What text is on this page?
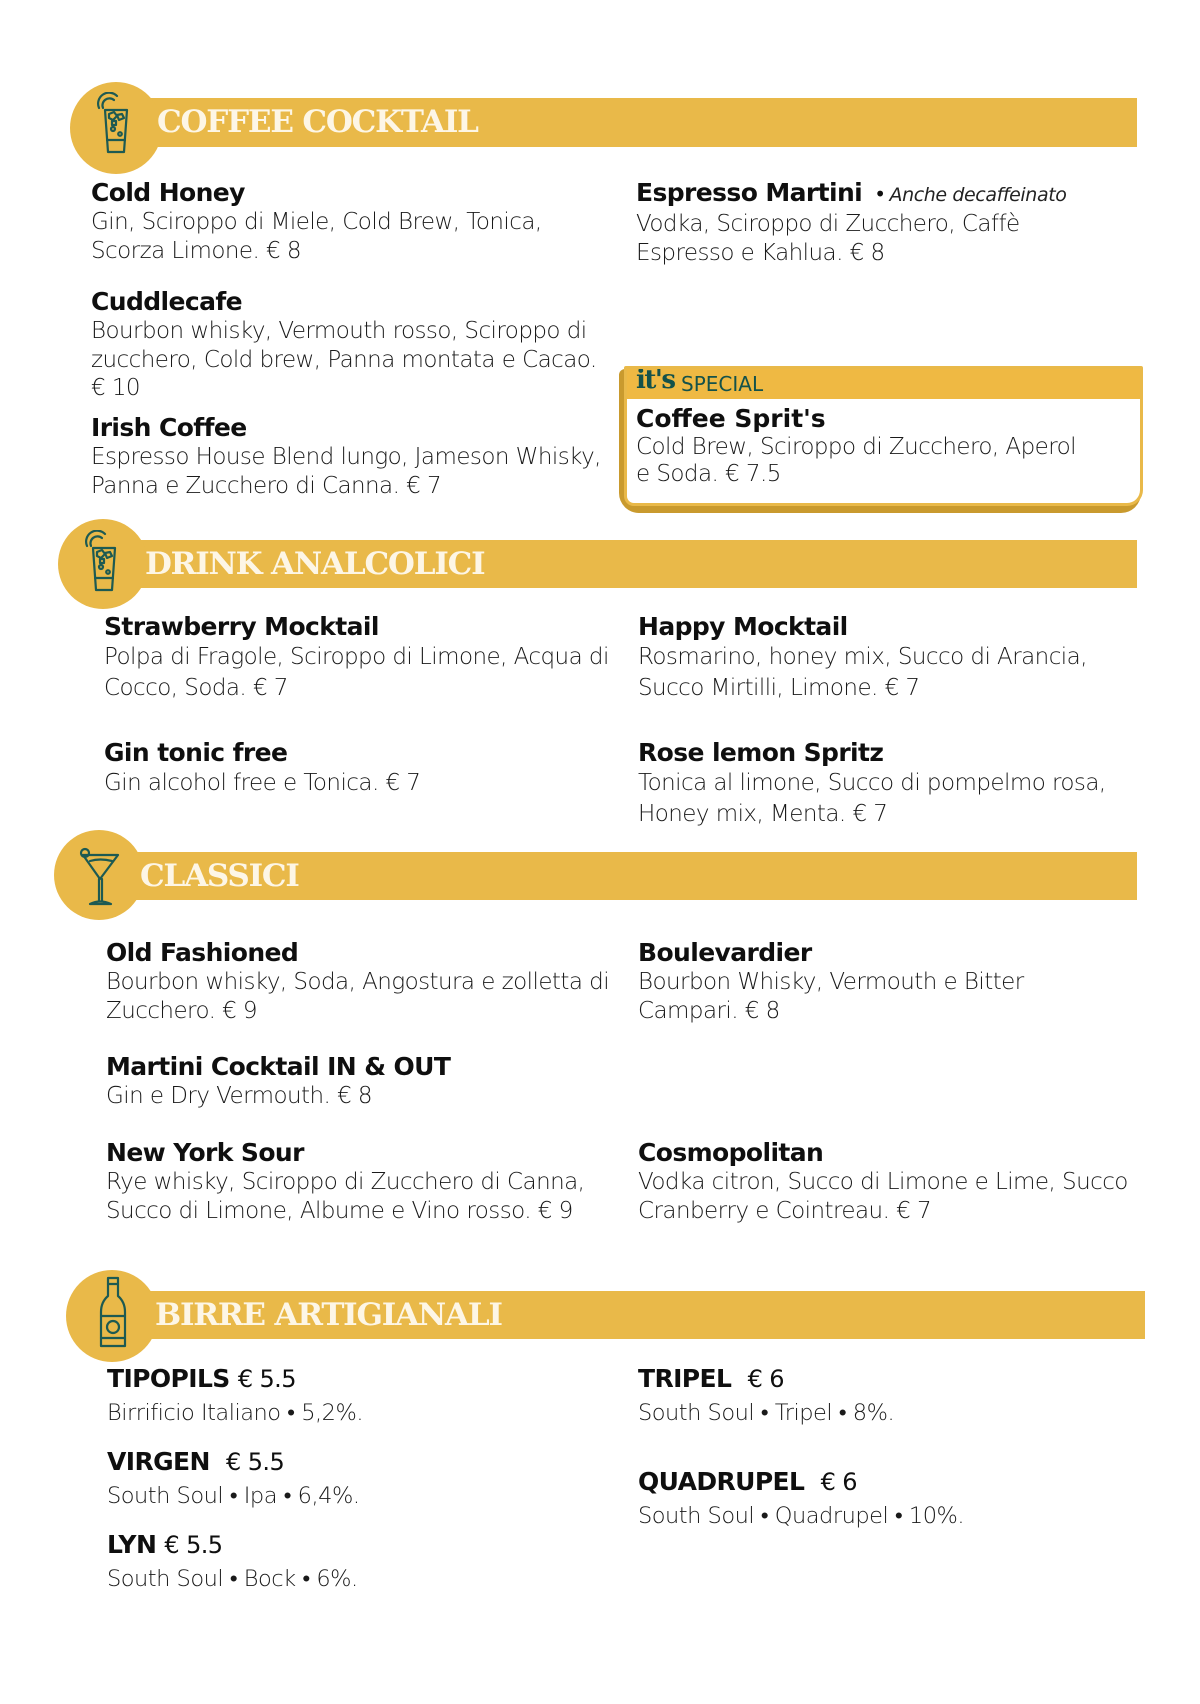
COFFEE COCKTAIL
Cold Honey
Gin, Sciroppo di Miele, Cold Brew, Tonica, Scorza Limone. € 8
Espresso Martini • Anche decaffeinato
Vodka, Sciroppo di Zucchero, Caffè Espresso e Kahlua. € 8
Cuddlecafe
Bourbon whisky, Vermouth rosso, Sciroppo di zucchero, Cold brew, Panna montata e Cacao. € 10
Irish Coffee
Espresso House Blend lungo, Jameson Whisky, Panna e Zucchero di Canna. € 7
it's SPECIAL
Coffee Sprit's
Cold Brew, Sciroppo di Zucchero, Aperol e Soda. € 7.5
DRINK ANALCOLICI
Strawberry Mocktail
Polpa di Fragole, Sciroppo di Limone, Acqua di Cocco, Soda. € 7
Happy Mocktail
Rosmarino, honey mix, Succo di Arancia, Succo Mirtilli, Limone. € 7
Gin tonic free
Gin alcohol free e Tonica. € 7
Rose lemon Spritz
Tonica al limone, Succo di pompelmo rosa, Honey mix, Menta. € 7
CLASSICI
Old Fashioned
Bourbon whisky, Soda, Angostura e zolletta di Zucchero. € 9
Boulevardier
Bourbon Whisky, Vermouth e Bitter Campari. € 8
Martini Cocktail IN & OUT
Gin e Dry Vermouth. € 8
New York Sour
Rye whisky, Sciroppo di Zucchero di Canna, Succo di Limone, Albume e Vino rosso. € 9
Cosmopolitan
Vodka citron, Succo di Limone e Lime, Succo Cranberry e Cointreau. € 7
BIRRE ARTIGIANALI
TIPOPILS € 5.5
Birrificio Italiano • 5,2%.
TRIPEL € 6
South Soul • Tripel • 8%.
VIRGEN € 5.5
South Soul • Ipa • 6,4%.	QUADRUPEL € 6
South Soul • Quadrupel • 10%.
LYN € 5.5
South Soul • Bock • 6%.
